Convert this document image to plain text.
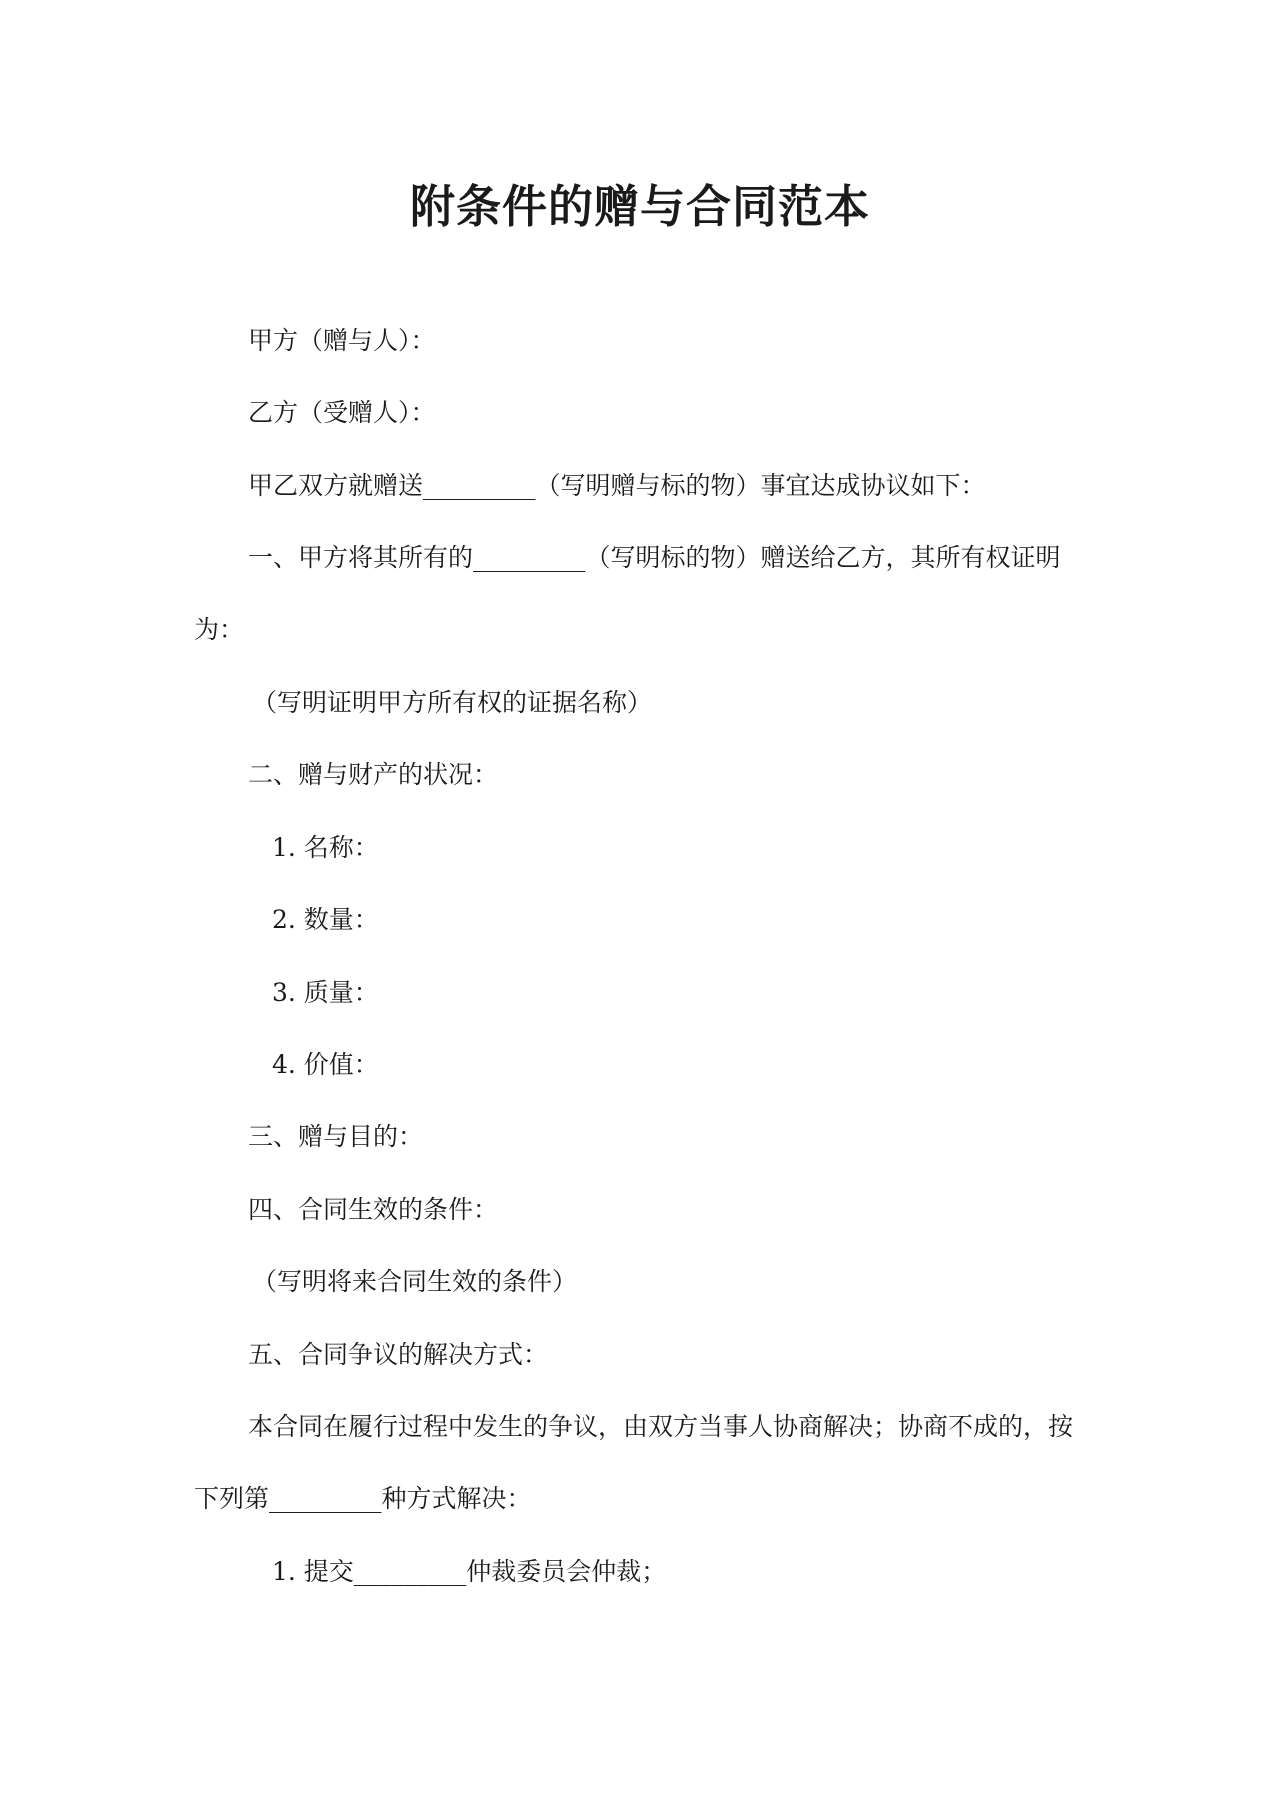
附条件的赠与合同范本
甲方（赠与人）：
乙方（受赠人）：
甲乙双方就赠送_________（写明赠与标的物）事宜达成协议如下：
一、甲方将其所有的_________（写明标的物）赠送给乙方，其所有权证明
为：
（写明证明甲方所有权的证据名称）
二、赠与财产的状况：
1. 名称：
2. 数量：
3. 质量：
4. 价值：
三、赠与目的：
四、合同生效的条件：
（写明将来合同生效的条件）
五、合同争议的解决方式：
本合同在履行过程中发生的争议，由双方当事人协商解决；协商不成的，按
下列第_________种方式解决：
1. 提交_________仲裁委员会仲裁；
